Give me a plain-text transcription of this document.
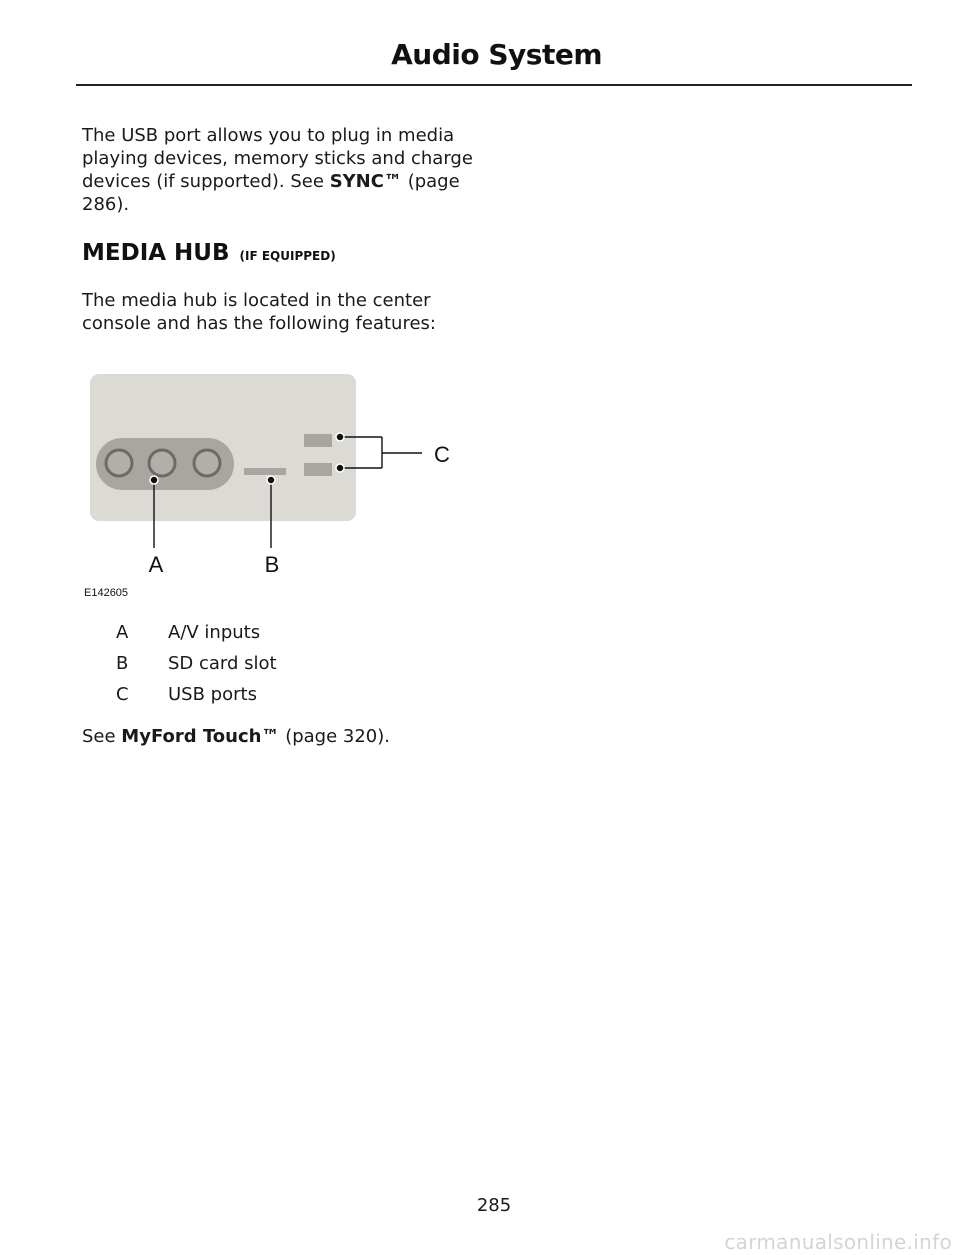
Audio System
The USB port allows you to plug in media playing devices, memory sticks and charge devices (if supported). See SYNC™ (page 286).
MEDIA HUB (IF EQUIPPED)
The media hub is located in the center console and has the following features:
A	B
C
E142605
A A/V inputs
B SD card slot
C USB ports
See MyFord Touch™ (page 320).
285
carmanualsonline.info
